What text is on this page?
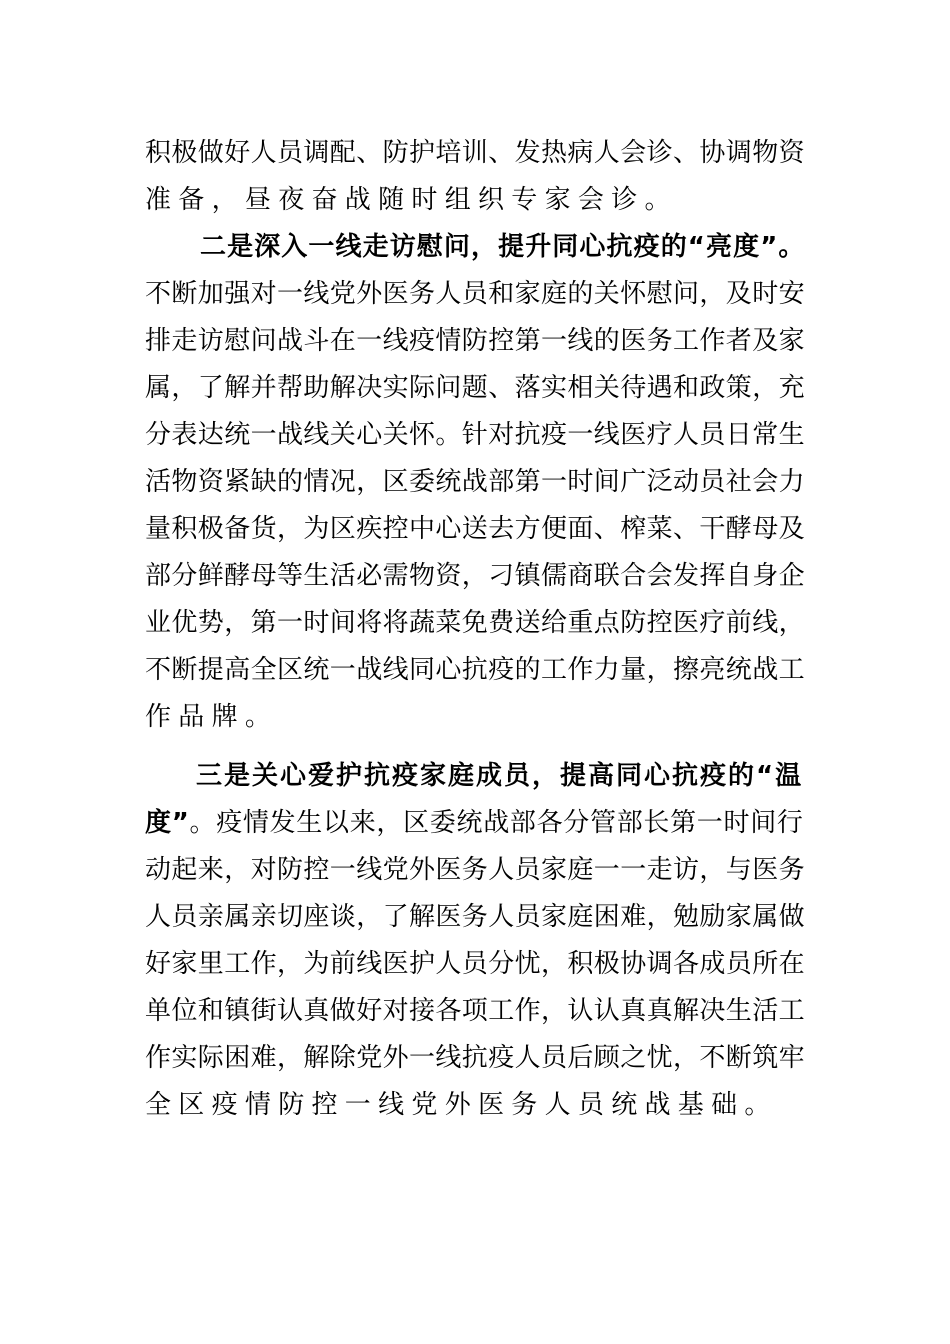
积极做好人员调配、防护培训、发热病人会诊、协调物资
准备，昼夜奋战随时组织专家会诊。
二是深入一线走访慰问，提升同心抗疫的“亮度”。
不断加强对一线党外医务人员和家庭的关怀慰问，及时安
排走访慰问战斗在一线疫情防控第一线的医务工作者及家
属，了解并帮助解决实际问题、落实相关待遇和政策，充
分表达统一战线关心关怀。针对抗疫一线医疗人员日常生
活物资紧缺的情况，区委统战部第一时间广泛动员社会力
量积极备货，为区疾控中心送去方便面、榨菜、干酵母及
部分鲜酵母等生活必需物资，刁镇儒商联合会发挥自身企
业优势，第一时间将将蔬菜免费送给重点防控医疗前线，
不断提高全区统一战线同心抗疫的工作力量，擦亮统战工
作品牌。
三是关心爱护抗疫家庭成员，提高同心抗疫的“温
度”。疫情发生以来，区委统战部各分管部长第一时间行
动起来，对防控一线党外医务人员家庭一一走访，与医务
人员亲属亲切座谈，了解医务人员家庭困难，勉励家属做
好家里工作，为前线医护人员分忧，积极协调各成员所在
单位和镇街认真做好对接各项工作，认认真真解决生活工
作实际困难，解除党外一线抗疫人员后顾之忧，不断筑牢
全区疫情防控一线党外医务人员统战基础。
